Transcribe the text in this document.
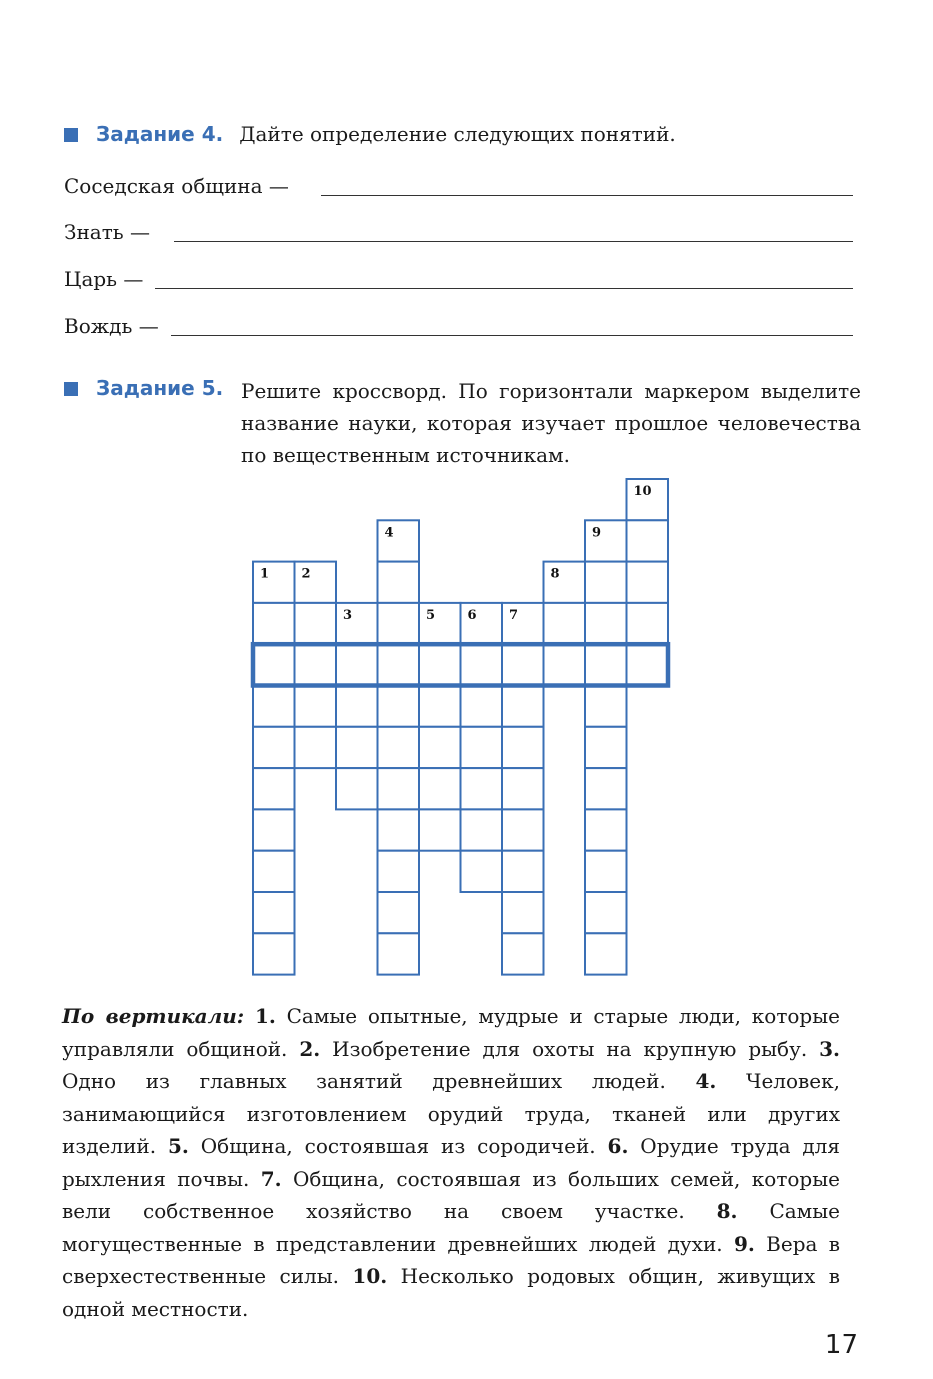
Задание 4. Дайте определение следующих понятий.
Соседская община —
Знать —
Царь —
Вождь —
Задание 5. Решите кроссворд. По горизонтали маркером выделите название науки, которая изучает прошлое человечества по вещественным источникам.
1 2
3
4
5 6 7
8
9
10
По вертикали: 1. Самые опытные, мудрые и старые люди, которые управляли общиной. 2. Изобретение для охоты на крупную рыбу. 3. Одно из главных занятий древнейших людей. 4. Человек, занимающийся изготовлением орудий труда, тканей или других изделий. 5. Община, состоявшая из сородичей. 6. Орудие труда для рыхления почвы. 7. Община, состоявшая из больших семей, которые вели собственное хозяйство на своем участке. 8. Самые могущественные в представлении древнейших людей духи. 9. Вера в сверхестественные силы. 10. Несколько родовых общин, живущих в одной местности.
17
